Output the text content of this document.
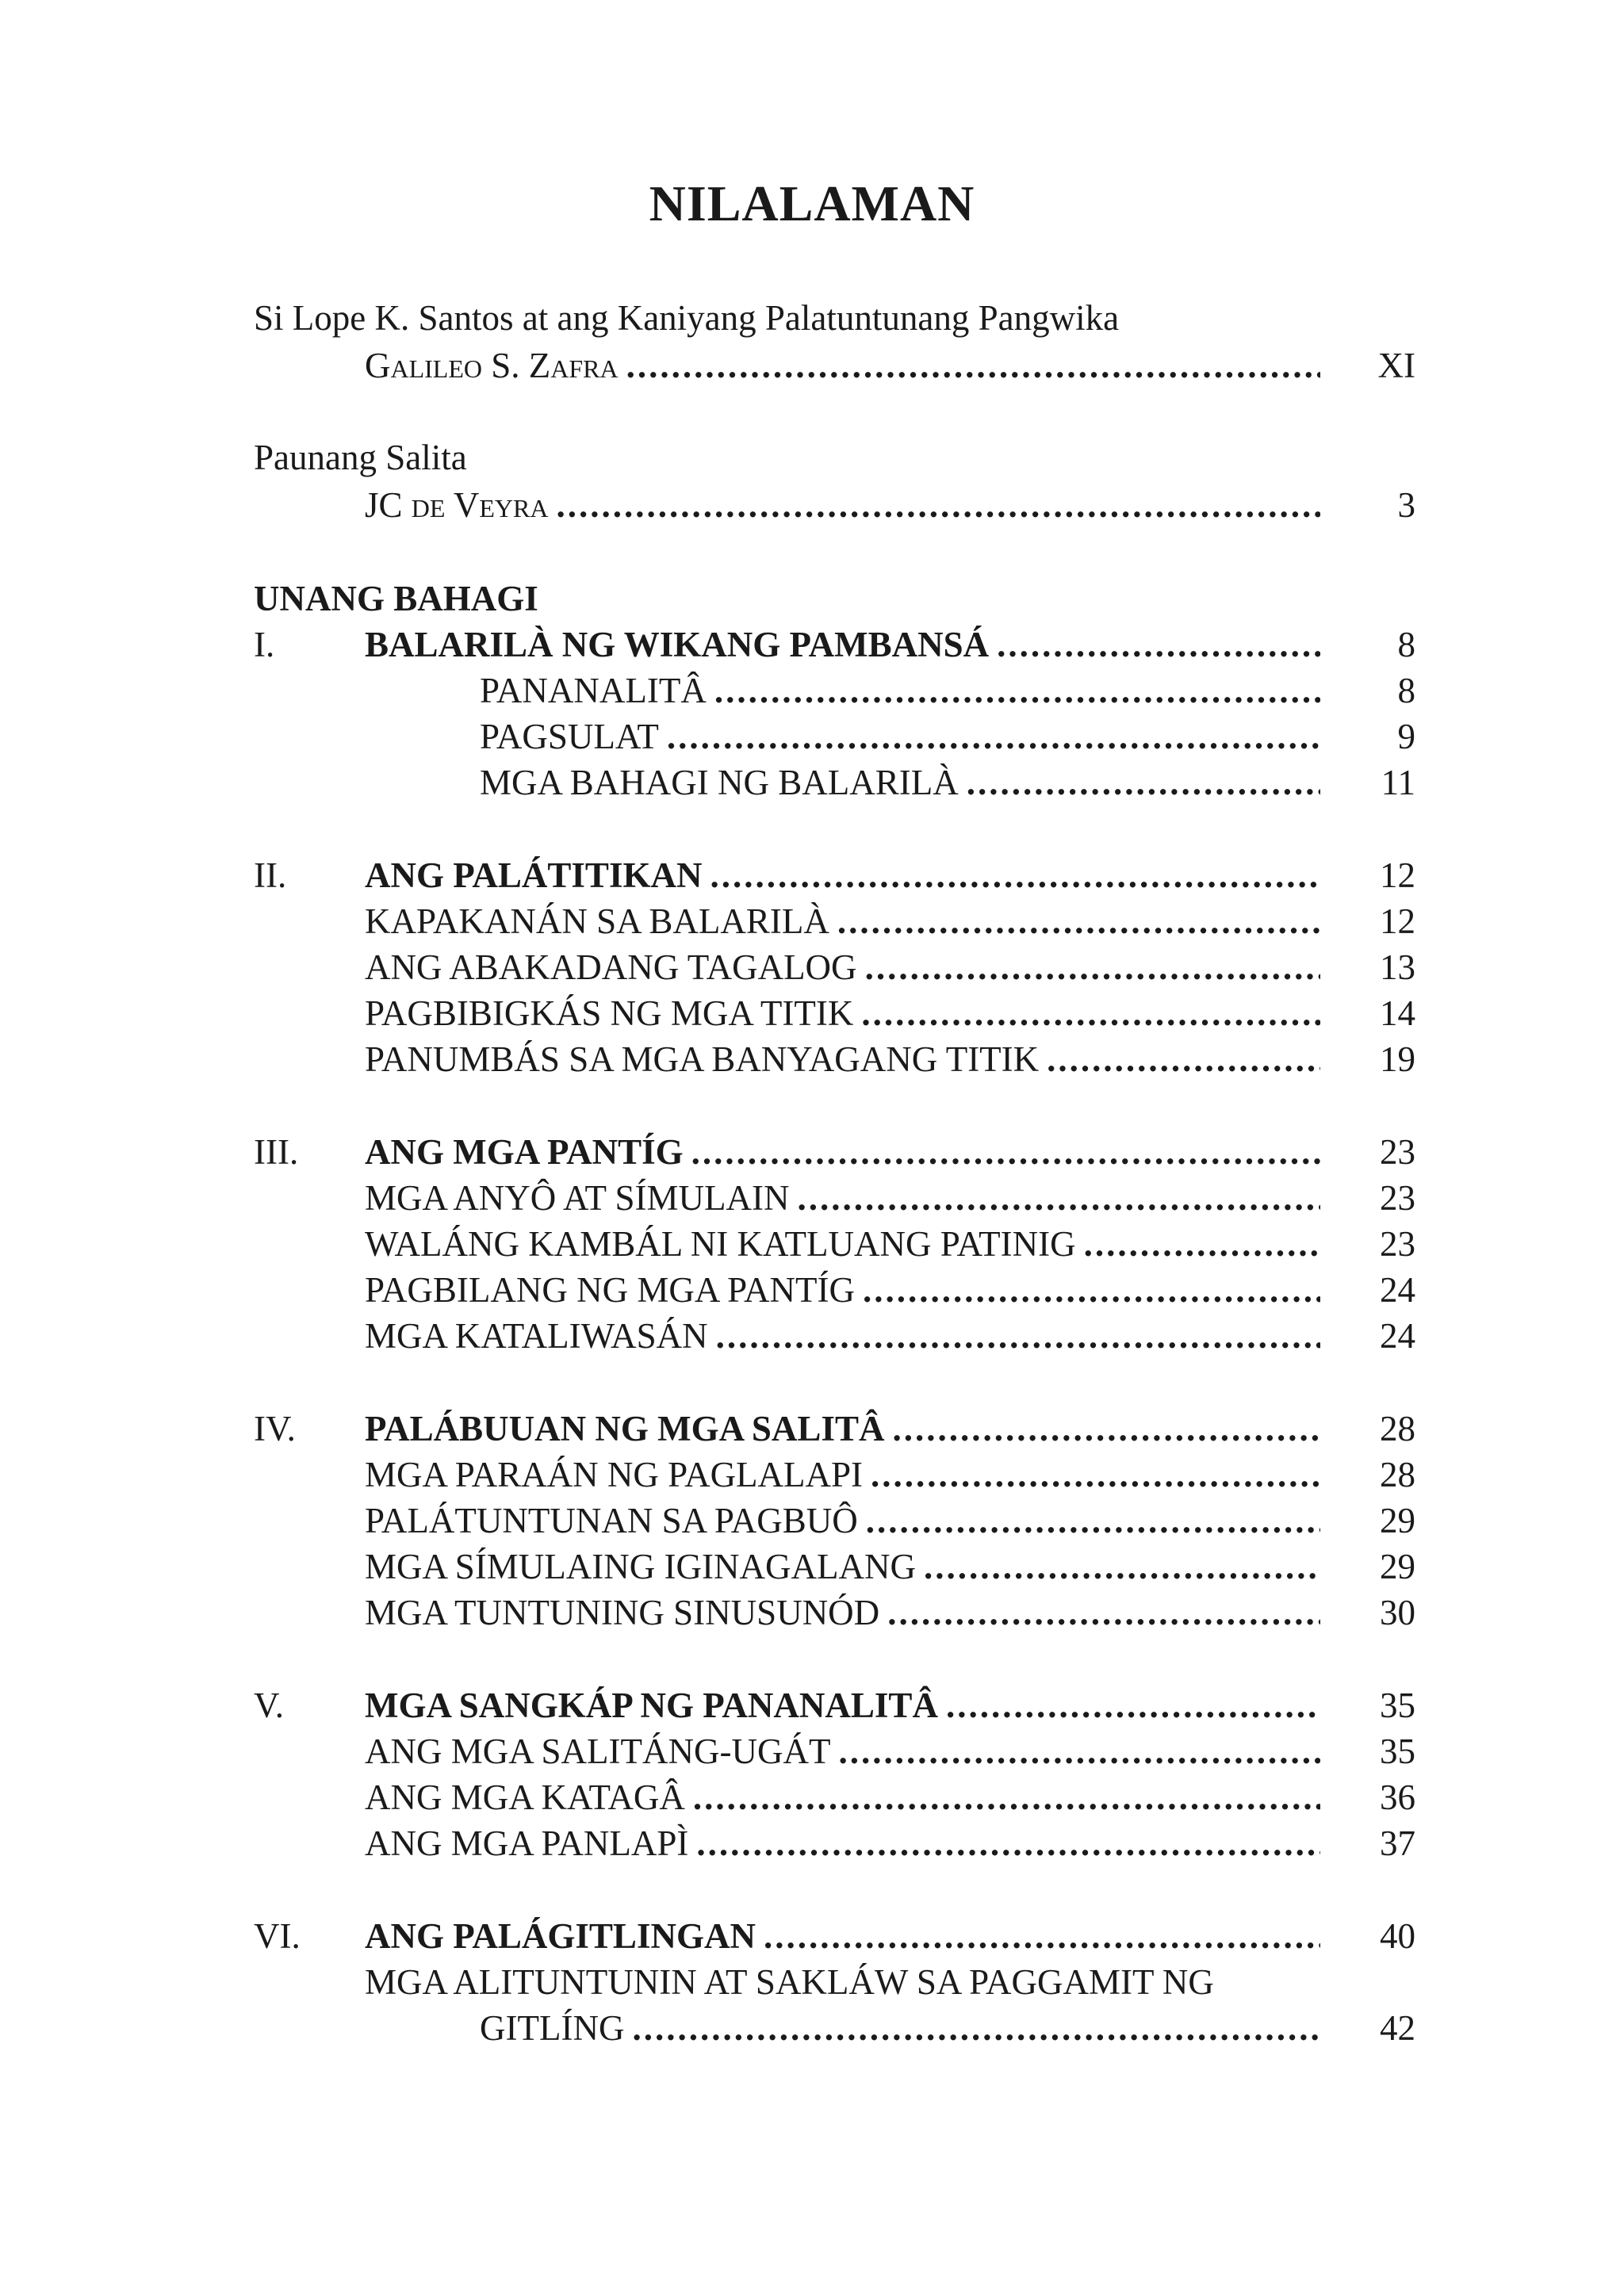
NILALAMAN
Si Lope K. Santos at ang Kaniyang Palatuntunang Pangwika
Galileo S. Zafra .....	XI
Paunang Salita
JC de Veyra .....	3
UNANG BAHAGI
I.	BALARILÀ NG WIKANG PAMBANSÁ .....	8
PANANALITÂ .....	8
PAGSULAT .....	9
MGA BAHAGI NG BALARILÀ .....	11
II.	ANG PALÁTITIKAN .....	12
KAPAKANÁN SA BALARILÀ .....	12
ANG ABAKADANG TAGALOG .....	13
PAGBIBIGKÁS NG MGA TITIK .....	14
PANUMBÁS SA MGA BANYAGANG TITIK .....	19
III.	ANG MGA PANTÍG .....	23
MGA ANYÔ AT SÍMULAIN .....	23
WALÁNG KAMBÁL NI KATLUANG PATINIG .....	23
PAGBILANG NG MGA PANTÍG .....	24
MGA KATALIWASÁN .....	24
IV.	PALÁBUUAN NG MGA SALITÂ .....	28
MGA PARAÁN NG PAGLALAPI .....	28
PALÁTUNTUNAN SA PAGBUÔ .....	29
MGA SÍMULAING IGINAGALANG .....	29
MGA TUNTUNING SINUSUNÓD .....	30
V.	MGA SANGKÁP NG PANANALITÂ .....	35
ANG MGA SALITÁNG-UGÁT .....	35
ANG MGA KATAGÂ .....	36
ANG MGA PANLAPÌ .....	37
VI.	ANG PALÁGITLINGAN .....	40
MGA ALITUNTUNIN AT SAKLÁW SA PAGGAMIT NG
GITLÍNG .....	42
